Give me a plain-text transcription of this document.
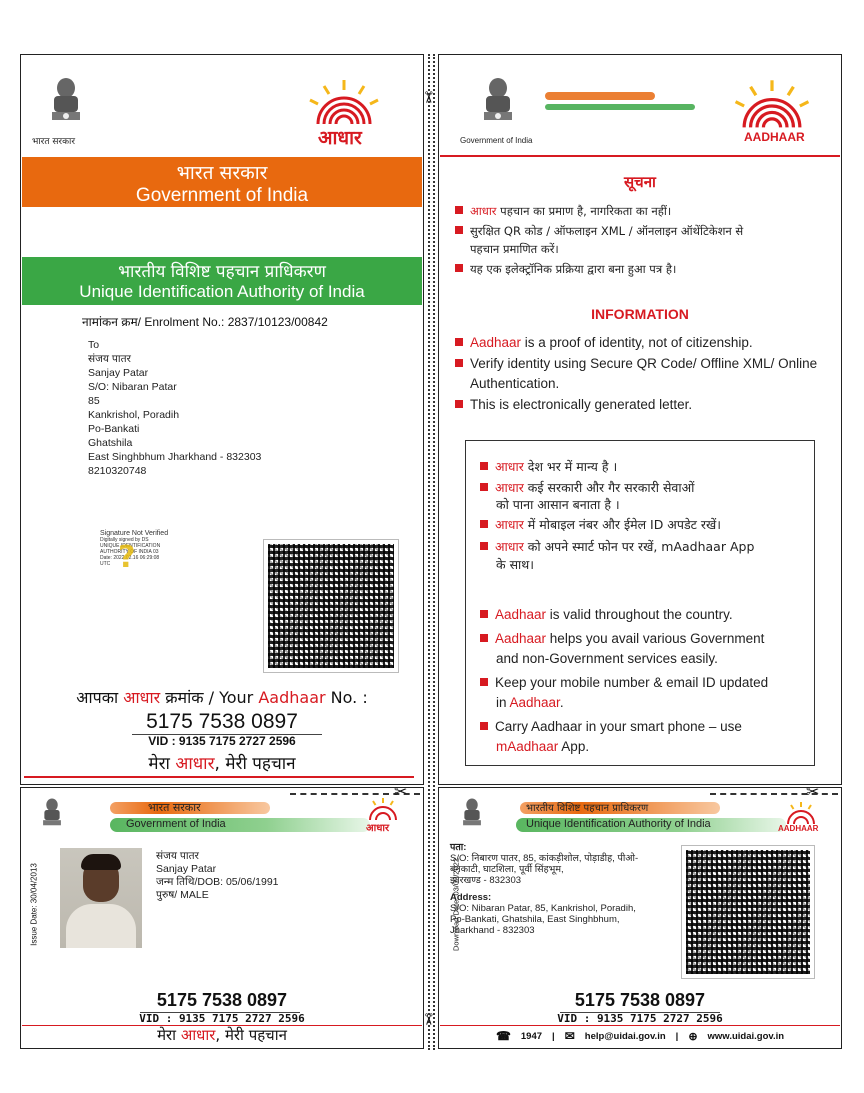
✂
✂
✂	✂
भारत सरकार	आधार
भारत सरकार
Government of India
भारतीय विशिष्ट पहचान प्राधिकरण
Unique Identification Authority of India
नामांकन क्रम/ Enrolment No.: 2837/10123/00842
To
संजय पातर
Sanjay Patar
S/O: Nibaran Patar
85
Kankrishol, Poradih
Po-Bankati
Ghatshila
East Singhbhum Jharkhand - 832303
8210320748
Signature Not Verified
Digitally signed by DS
UNIQUE IDENTIFICATION
AUTHORITY OF INDIA 03
Date: 2022.02.16 06:29:08
UTC ?
आपका आधार क्रमांक / Your Aadhaar No. :
5175 7538 0897
VID : 9135 7175 2727 2596
मेरा आधार, मेरी पहचान
Government of India	AADHAAR
सूचना
आधार पहचान का प्रमाण है, नागरिकता का नहीं।
सुरक्षित QR कोड / ऑफलाइन XML / ऑनलाइन ऑथेंटिकेशन से
पहचान प्रमाणित करें।
यह एक इलेक्ट्रॉनिक प्रक्रिया द्वारा बना हुआ पत्र है।
INFORMATION
Aadhaar is a proof of identity, not of citizenship.
Verify identity using Secure QR Code/ Offline XML/ Online
Authentication.
This is electronically generated letter.
आधार देश भर में मान्य है ।
आधार कई सरकारी और गैर सरकारी सेवाओं
को पाना आसान बनाता है ।
आधार में मोबाइल नंबर और ईमेल ID अपडेट रखें।
आधार को अपने स्मार्ट फोन पर रखें, mAadhaar App
के साथ।
Aadhaar is valid throughout the country.
Aadhaar helps you avail various Government
and non-Government services easily.
Keep your mobile number & email ID updated
in Aadhaar.
Carry Aadhaar in your smart phone – use
mAadhaar App.
भारत सरकार
Government of India	आधार
Issue Date: 30/04/2013
संजय पातर
Sanjay Patar
जन्म तिथि/DOB: 05/06/1991
पुरुष/ MALE
5175 7538 0897
VID : 9135 7175 2727 2596
मेरा आधार, मेरी पहचान
भारतीय विशिष्ट पहचान प्राधिकरण
Unique Identification Authority of India	AADHAAR
Download Date: 03/02/2022
पता:
S/O: निबारण पातर, 85, कांकड़ीशोल, पोड़ाडीह, पीओ-
बनकाटी, घाटशिला, पूर्वी सिंहभूम,
झारखण्ड - 832303
Address:
S/O: Nibaran Patar, 85, Kankrishol, Poradih,
Po-Bankati, Ghatshila, East Singhbhum,
Jharkhand - 832303
5175 7538 0897
VID : 9135 7175 2727 2596
☎ 1947 | ✉ help@uidai.gov.in | ⊕ www.uidai.gov.in
